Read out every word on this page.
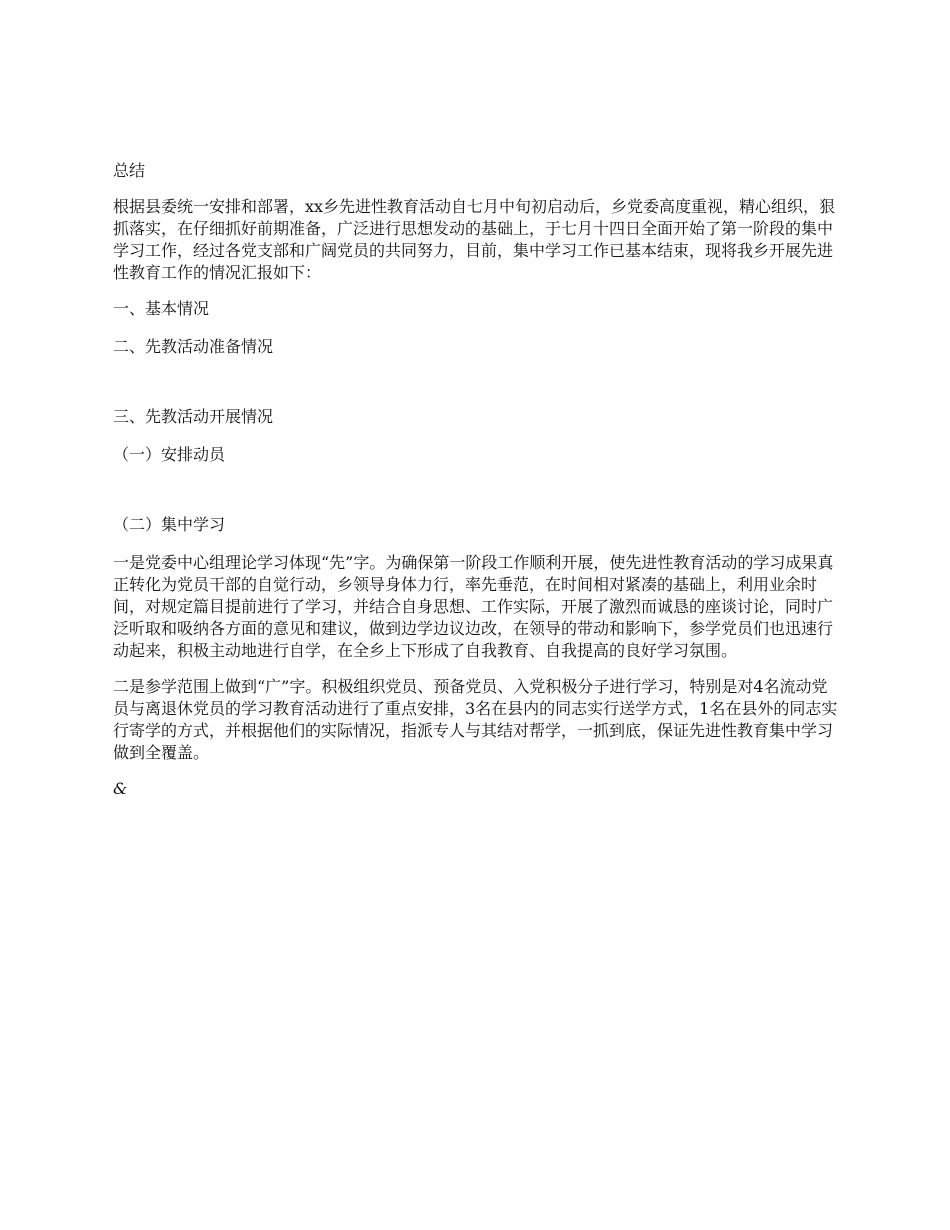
总结

根据县委统一安排和部署，xx乡先进性教育活动自七月中旬初启动后，乡党委高度重视，精心组织，狠抓落实，在仔细抓好前期准备，广泛进行思想发动的基础上，于七月十四日全面开始了第一阶段的集中学习工作，经过各党支部和广阔党员的共同努力，目前，集中学习工作已基本结束，现将我乡开展先进性教育工作的情况汇报如下：

一、基本情况

二、先教活动准备情况

三、先教活动开展情况

（一）安排动员

（二）集中学习

一是党委中心组理论学习体现“先”字。为确保第一阶段工作顺利开展，使先进性教育活动的学习成果真正转化为党员干部的自觉行动，乡领导身体力行，率先垂范，在时间相对紧凑的基础上，利用业余时间，对规定篇目提前进行了学习，并结合自身思想、工作实际，开展了激烈而诚恳的座谈讨论，同时广泛听取和吸纳各方面的意见和建议，做到边学边议边改，在领导的带动和影响下，参学党员们也迅速行动起来，积极主动地进行自学，在全乡上下形成了自我教育、自我提高的良好学习氛围。

二是参学范围上做到“广”字。积极组织党员、预备党员、入党积极分子进行学习，特别是对4名流动党员与离退休党员的学习教育活动进行了重点安排，3名在县内的同志实行送学方式，1名在县外的同志实行寄学的方式，并根据他们的实际情况，指派专人与其结对帮学，一抓到底，保证先进性教育集中学习做到全覆盖。

&
